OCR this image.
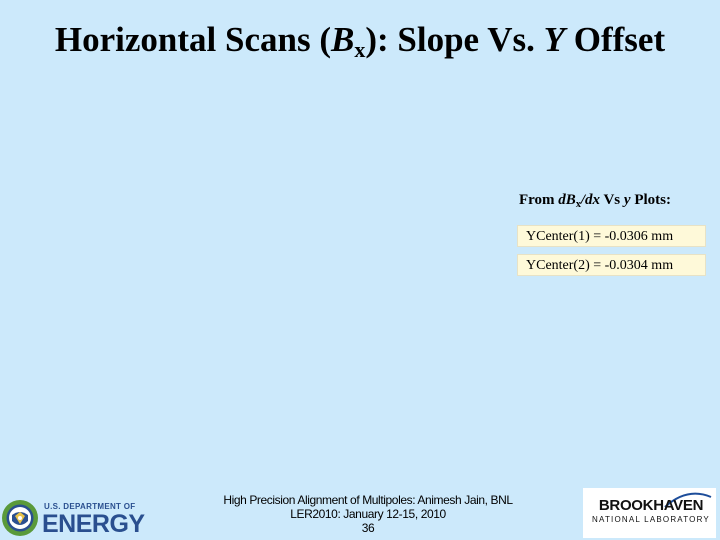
Horizontal Scans $(B_x)$: Slope Vs. Y Offset
From $dB_x/dx$ Vs y Plots:
YCenter(1) = -0.0306 mm
YCenter(2) = -0.0304 mm
High Precision Alignment of Multipoles: Animesh Jain, BNL
LER2010: January 12-15, 2010
36
U.S. DEPARTMENT OF
ENERGY
BROOKHAVEN
NATIONAL LABORATORY
